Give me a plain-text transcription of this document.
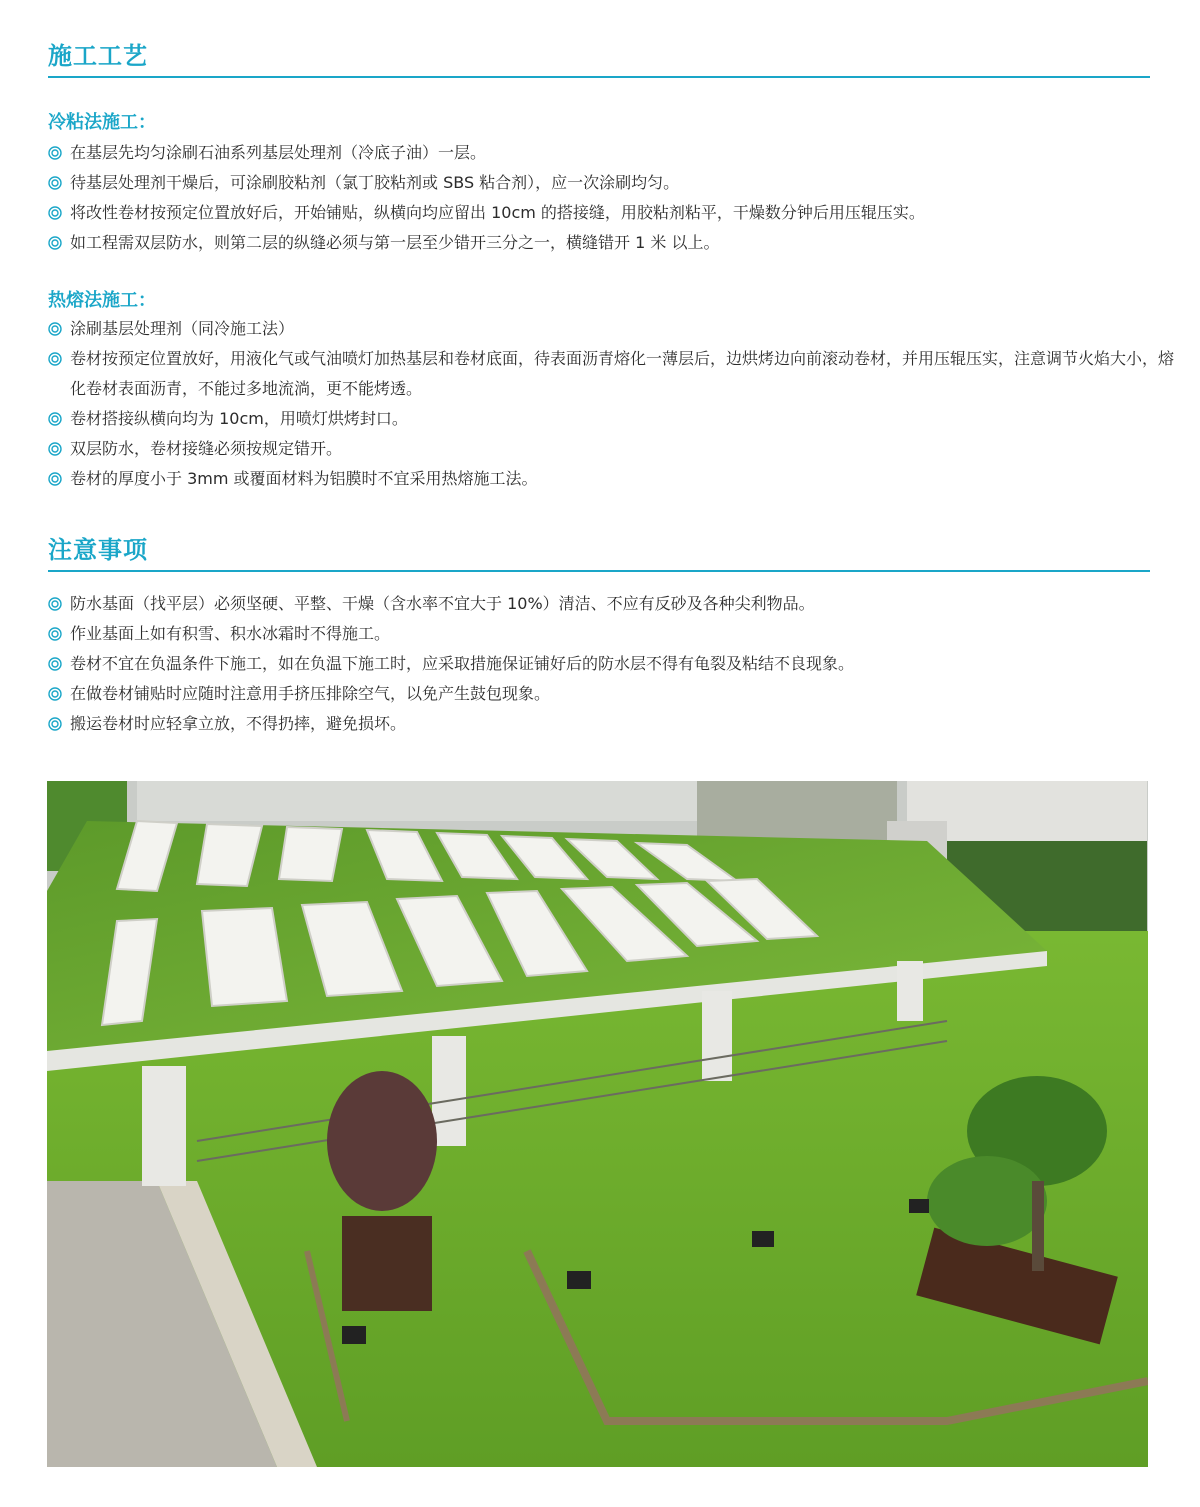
施工工艺
冷粘法施工：
在基层先均匀涂刷石油系列基层处理剂（冷底子油）一层。
待基层处理剂干燥后，可涂刷胶粘剂（氯丁胶粘剂或 SBS 粘合剂），应一次涂刷均匀。
将改性卷材按预定位置放好后，开始铺贴，纵横向均应留出 10cm 的搭接缝，用胶粘剂粘平，干燥数分钟后用压辊压实。
如工程需双层防水，则第二层的纵缝必须与第一层至少错开三分之一，横缝错开 1 米 以上。
热熔法施工：
涂刷基层处理剂（同冷施工法）
卷材按预定位置放好，用液化气或气油喷灯加热基层和卷材底面，待表面沥青熔化一薄层后，边烘烤边向前滚动卷材，并用压辊压实，注意调节火焰大小，熔化卷材表面沥青，不能过多地流淌，更不能烤透。
卷材搭接纵横向均为 10cm，用喷灯烘烤封口。
双层防水，卷材接缝必须按规定错开。
卷材的厚度小于 3mm 或覆面材料为铝膜时不宜采用热熔施工法。
注意事项
防水基面（找平层）必须坚硬、平整、干燥（含水率不宜大于 10%）清洁、不应有反砂及各种尖利物品。
作业基面上如有积雪、积水冰霜时不得施工。
卷材不宜在负温条件下施工，如在负温下施工时，应采取措施保证铺好后的防水层不得有龟裂及粘结不良现象。
在做卷材铺贴时应随时注意用手挤压排除空气，以免产生鼓包现象。
搬运卷材时应轻拿立放，不得扔摔，避免损坏。
